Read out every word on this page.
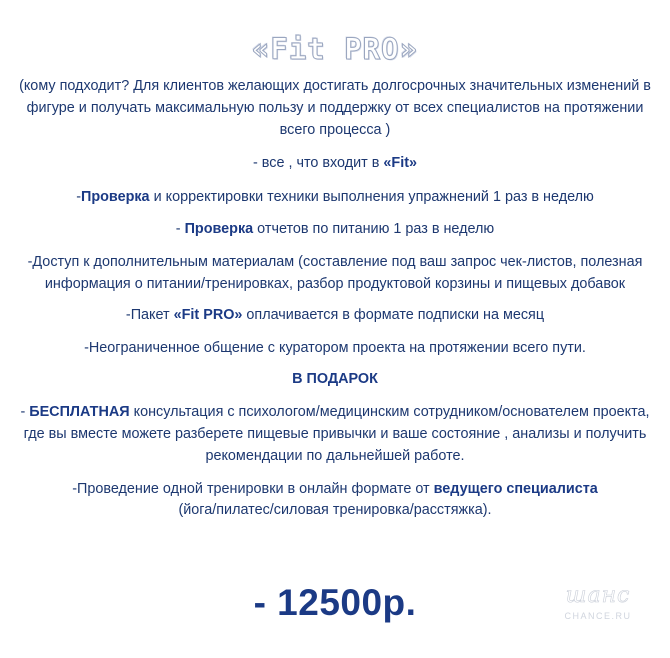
«Fit PRO»
(кому подходит? Для клиентов желающих достигать долгосрочных значительных изменений в
фигуре и получать максимальную пользу и поддержку от всех специалистов на протяжении
всего процесса )
- все , что входит в «Fit»
-Проверка и корректировки техники выполнения упражнений 1 раз в неделю
- Проверка отчетов по питанию 1 раз в неделю
-Доступ к дополнительным материалам (составление под ваш запрос чек-листов, полезная
информация о питании/тренировках, разбор продуктовой корзины и пищевых добавок
-Пакет «Fit PRO» оплачивается в формате подписки на месяц
-Неограниченное общение с куратором проекта на протяжении всего пути.
В ПОДАРОК
- БЕСПЛАТНАЯ консультация с психологом/медицинским сотрудником/основателем проекта,
где вы вместе можете разберете пищевые привычки и ваше состояние , анализы и получить
рекомендации по дальнейшей работе.
-Проведение одной тренировки в онлайн формате от ведущего специалиста
(йога/пилатес/силовая тренировка/расстяжка).
- 12500р.	шанс
CHANCE.RU
